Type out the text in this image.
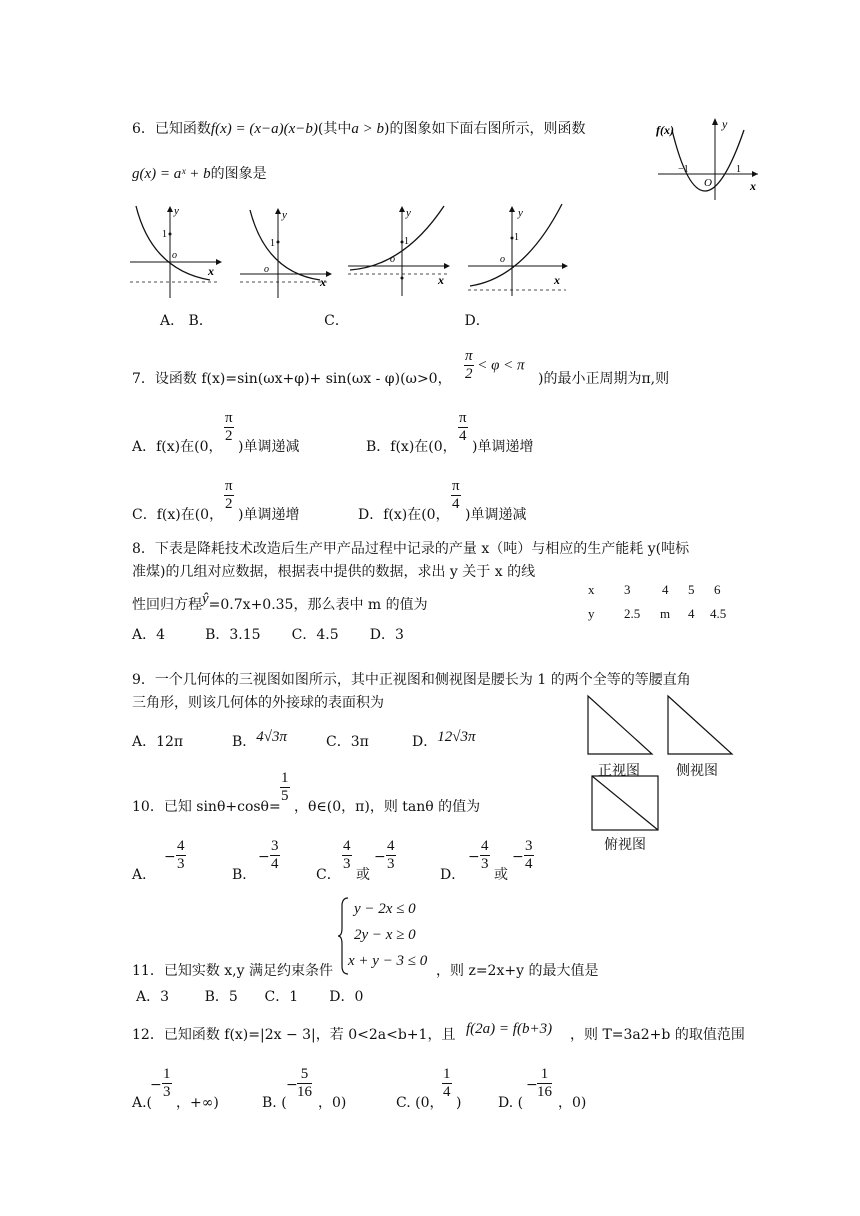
6．已知函数f(x) = (x−a)(x−b)(其中a > b)的图象如下面右图所示，则函数
g(x) = aˣ + b的图象是
f(x)	y
x
O
−1	1
y
1
o
x
y
1
o
x
y
1
o
x
y
1
o
x
A． B．                         C．                          D．
7．设函数 f(x)=sin(ωx+φ)+ sin(ωx - φ)(ω>0， $\frac{\pi}{2} < \varphi < \pi$
)的最小正周期为π,则
A．f(x)在(0，
$\frac{\pi}{2}$
)单调递减	B．f(x)在(0，
$\frac{\pi}{4}$
)单调递增
C．f(x)在(0，
$\frac{\pi}{2}$
)单调递增	D．f(x)在(0，
$\frac{\pi}{4}$
)单调递减
8．下表是降耗技术改造后生产甲产品过程中记录的产量 x（吨）与相应的生产能耗 y(吨标
准煤)的几组对应数据，根据表中提供的数据，求出 y 关于 x 的线
性回归方程ŷ=0.7x+0.35，那么表中 m 的值为
x 3 4 5 6
y 2.5 m 4 4.5
A．4         B．3.15       C．4.5       D．3
9．一个几何体的三视图如图所示，其中正视图和侧视图是腰长为 1 的两个全等的等腰直角
三角形，则该几何体的外接球的表面积为
A．12π	B．4√3π	C．3π	D．12√3π
正视图	侧视图
俯视图
10．已知 sinθ+cosθ=
$\frac{1}{5}$
，θ∈(0，π)，则 tanθ 的值为
A．
− $\frac{4}{3}$
B．
− $\frac{3}{4}$
C．
$\frac{4}{3}$
或
− $\frac{4}{3}$
D．
− $\frac{4}{3}$
或
− $\frac{3}{4}$
y − 2x ≤ 0
2y − x ≥ 0
x + y − 3 ≤ 0
11．已知实数 x,y 满足约束条件	，则 z=2x+y 的最大值是
A．3        B．5      C．1       D．0
12．已知函数 f(x)=|2x − 3|，若 0<2a<b+1，且 f(2a) = f(b+3) ，则 T=3a2+b 的取值范围
A.(
− $\frac{1}{3}$
，+∞)	B. (
− $\frac{5}{16}$
，0)	C. (0，
$\frac{1}{4}$
)	D. (
− $\frac{1}{16}$
，0)
